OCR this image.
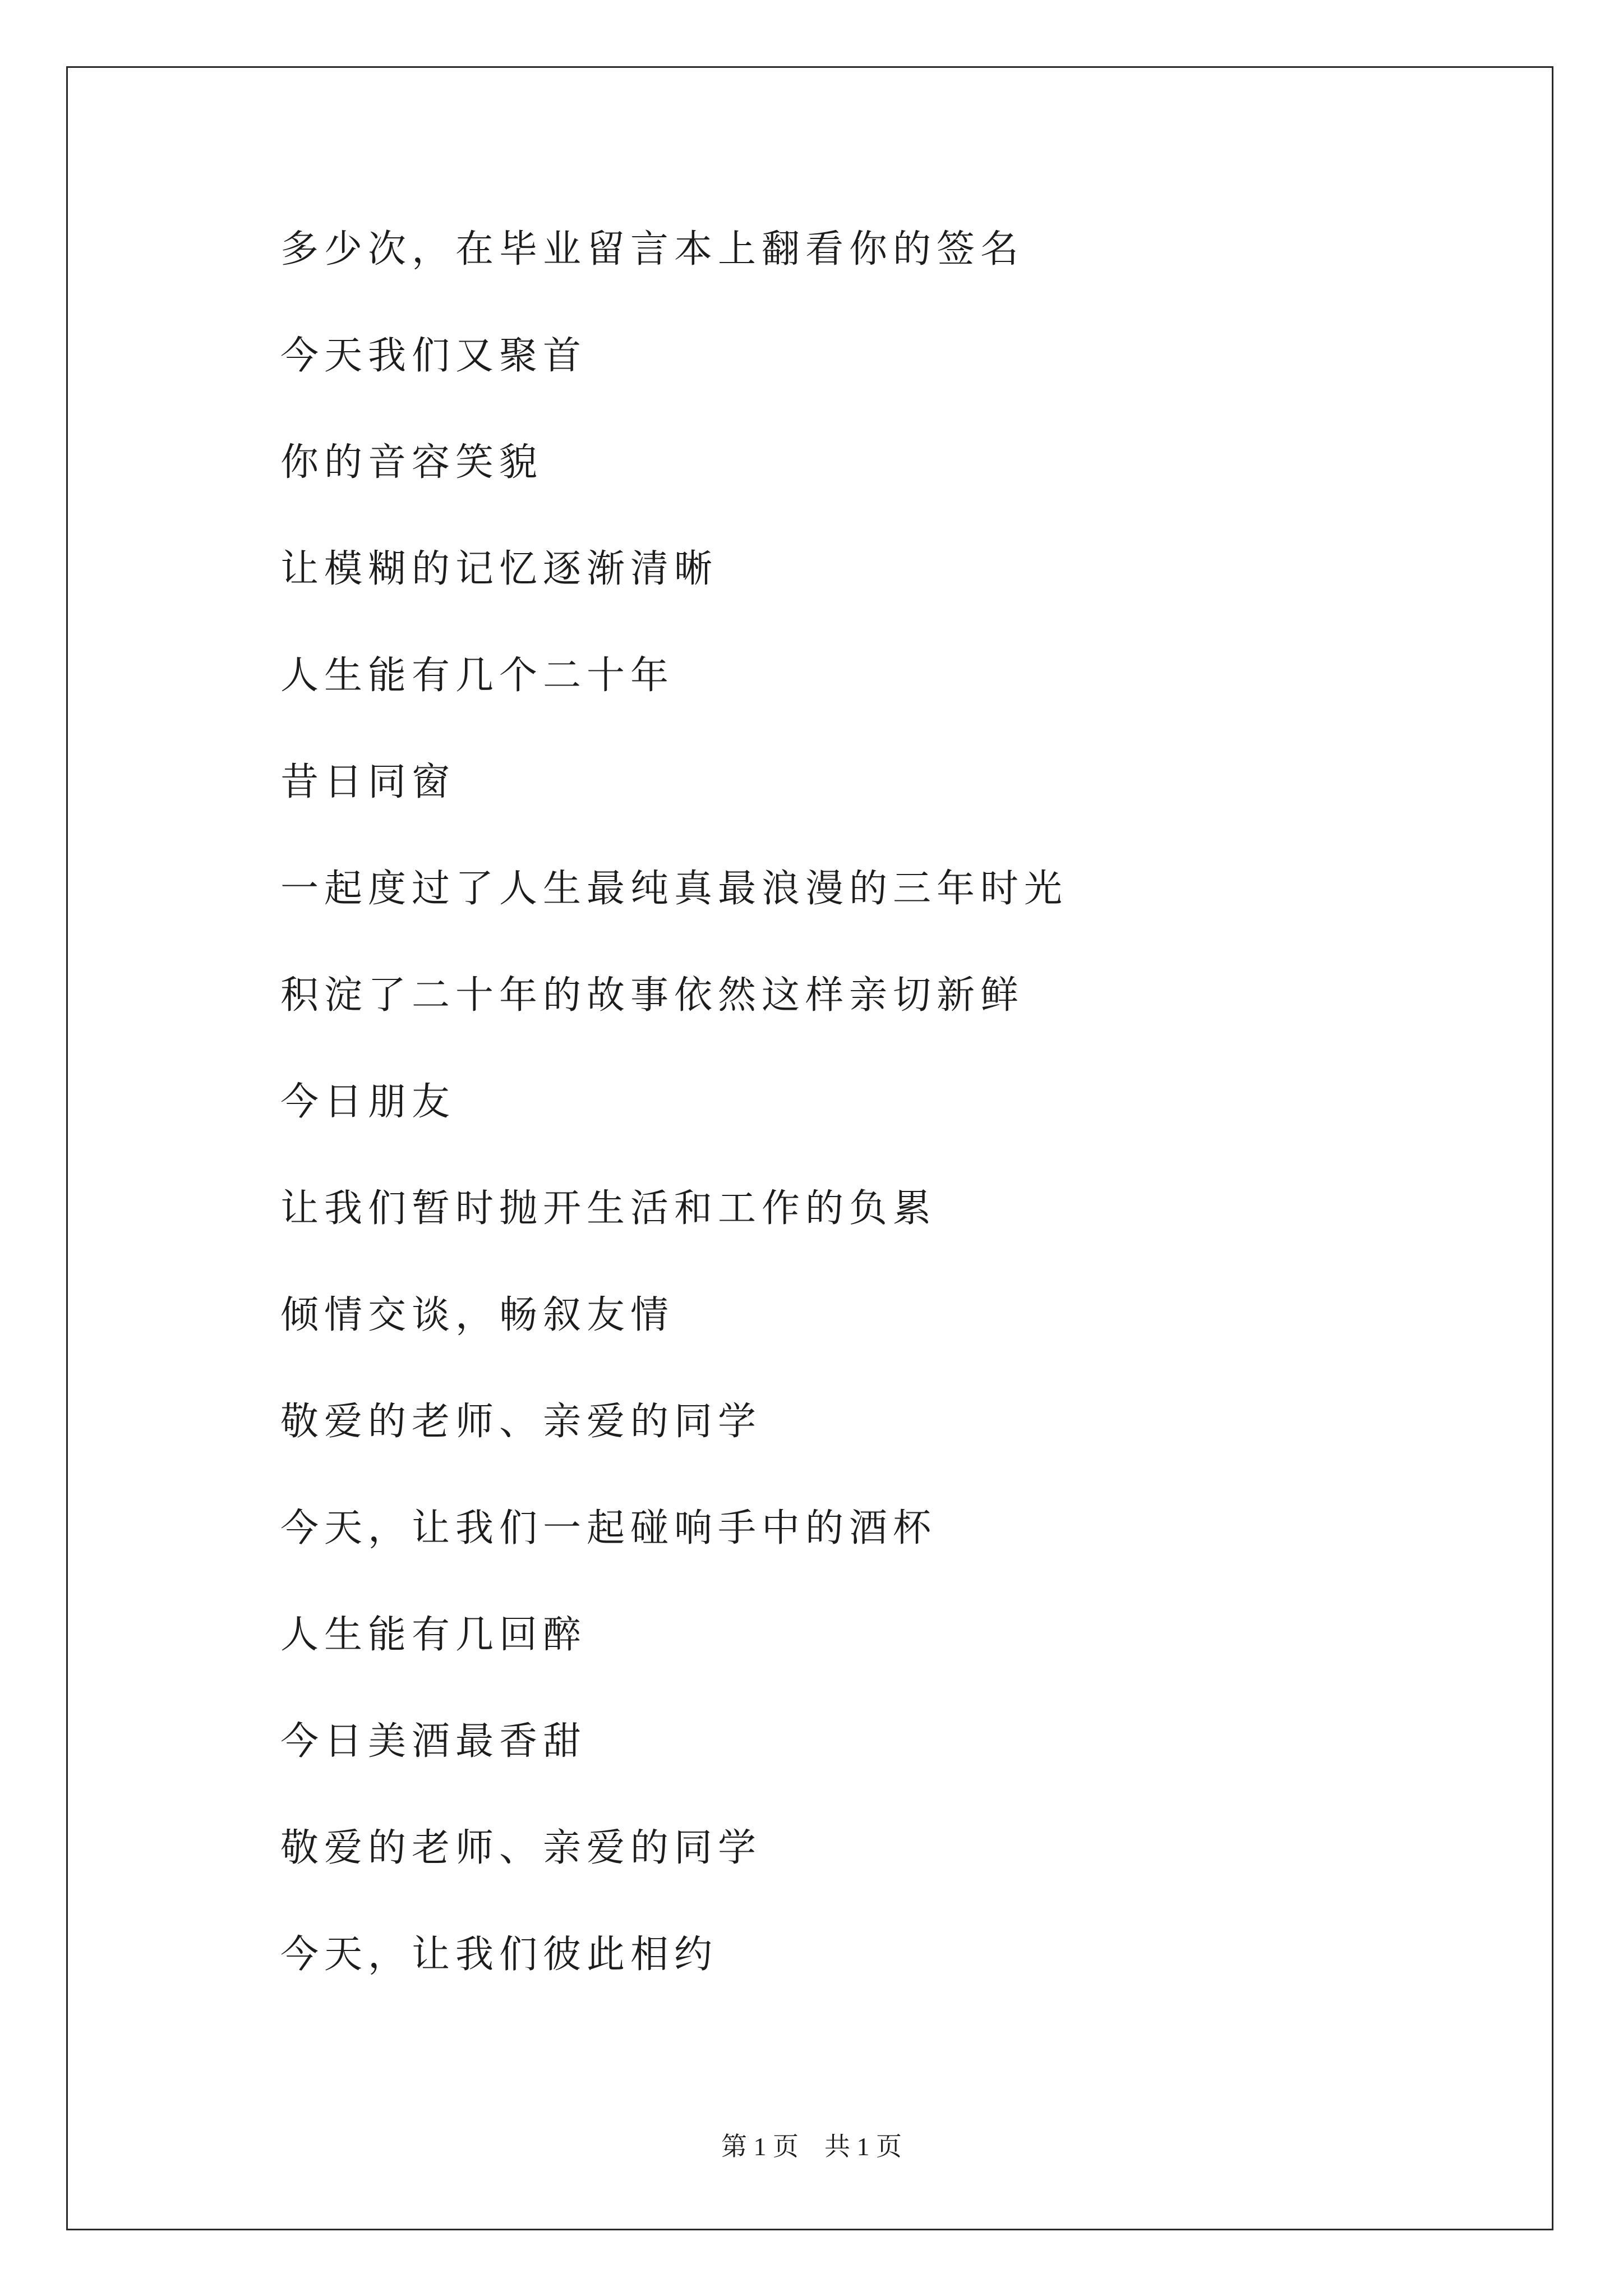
多少次，在毕业留言本上翻看你的签名
今天我们又聚首
你的音容笑貌
让模糊的记忆逐渐清晰
人生能有几个二十年
昔日同窗
一起度过了人生最纯真最浪漫的三年时光
积淀了二十年的故事依然这样亲切新鲜
今日朋友
让我们暂时抛开生活和工作的负累
倾情交谈，畅叙友情
敬爱的老师、亲爱的同学
今天，让我们一起碰响手中的酒杯
人生能有几回醉
今日美酒最香甜
敬爱的老师、亲爱的同学
今天，让我们彼此相约
第 1 页 共 1 页
